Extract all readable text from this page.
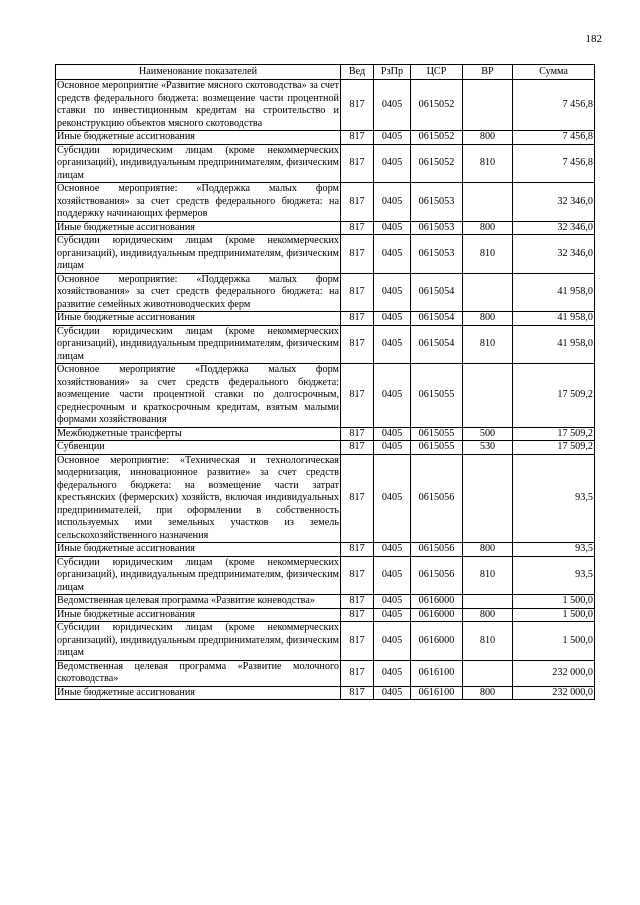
182
Наименование показателей	Вед	РзПр	ЦСР	ВР	Сумма
Основное мероприятие «Развитие мясного скотоводства» за счет средств федерального бюджета: возмещение части процентной ставки по инвестиционным кредитам на строительство и реконструкцию объектов мясного скотоводства	817	0405	0615052		7 456,8
Иные бюджетные ассигнования	817	0405	0615052	800	7 456,8
Субсидии юридическим лицам (кроме некоммерческих организаций), индивидуальным предпринимателям, физическим лицам	817	0405	0615052	810	7 456,8
Основное мероприятие: «Поддержка малых форм хозяйствования» за счет средств федерального бюджета: на поддержку начинающих фермеров	817	0405	0615053		32 346,0
Иные бюджетные ассигнования	817	0405	0615053	800	32 346,0
Субсидии юридическим лицам (кроме некоммерческих организаций), индивидуальным предпринимателям, физическим лицам	817	0405	0615053	810	32 346,0
Основное мероприятие: «Поддержка малых форм хозяйствования» за счет средств федерального бюджета: на развитие семейных животноводческих ферм	817	0405	0615054		41 958,0
Иные бюджетные ассигнования	817	0405	0615054	800	41 958,0
Субсидии юридическим лицам (кроме некоммерческих организаций), индивидуальным предпринимателям, физическим лицам	817	0405	0615054	810	41 958,0
Основное мероприятие «Поддержка малых форм хозяйствования» за счет средств федерального бюджета: возмещение части процентной ставки по долгосрочным, среднесрочным и краткосрочным кредитам, взятым малыми формами хозяйствования	817	0405	0615055		17 509,2
Межбюджетные трансферты	817	0405	0615055	500	17 509,2
Субвенции	817	0405	0615055	530	17 509,2
Основное мероприятие: «Техническая и технологическая модернизация, инновационное развитие» за счет средств федерального бюджета: на возмещение части затрат крестьянских (фермерских) хозяйств, включая индивидуальных предпринимателей, при оформлении в собственность используемых ими земельных участков из земель сельскохозяйственного назначения	817	0405	0615056		93,5
Иные бюджетные ассигнования	817	0405	0615056	800	93,5
Субсидии юридическим лицам (кроме некоммерческих организаций), индивидуальным предпринимателям, физическим лицам	817	0405	0615056	810	93,5
Ведомственная целевая программа «Развитие коневодства»	817	0405	0616000		1 500,0
Иные бюджетные ассигнования	817	0405	0616000	800	1 500,0
Субсидии юридическим лицам (кроме некоммерческих организаций), индивидуальным предпринимателям, физическим лицам	817	0405	0616000	810	1 500,0
Ведомственная целевая программа «Развитие молочного скотоводства»	817	0405	0616100		232 000,0
Иные бюджетные ассигнования	817	0405	0616100	800	232 000,0
